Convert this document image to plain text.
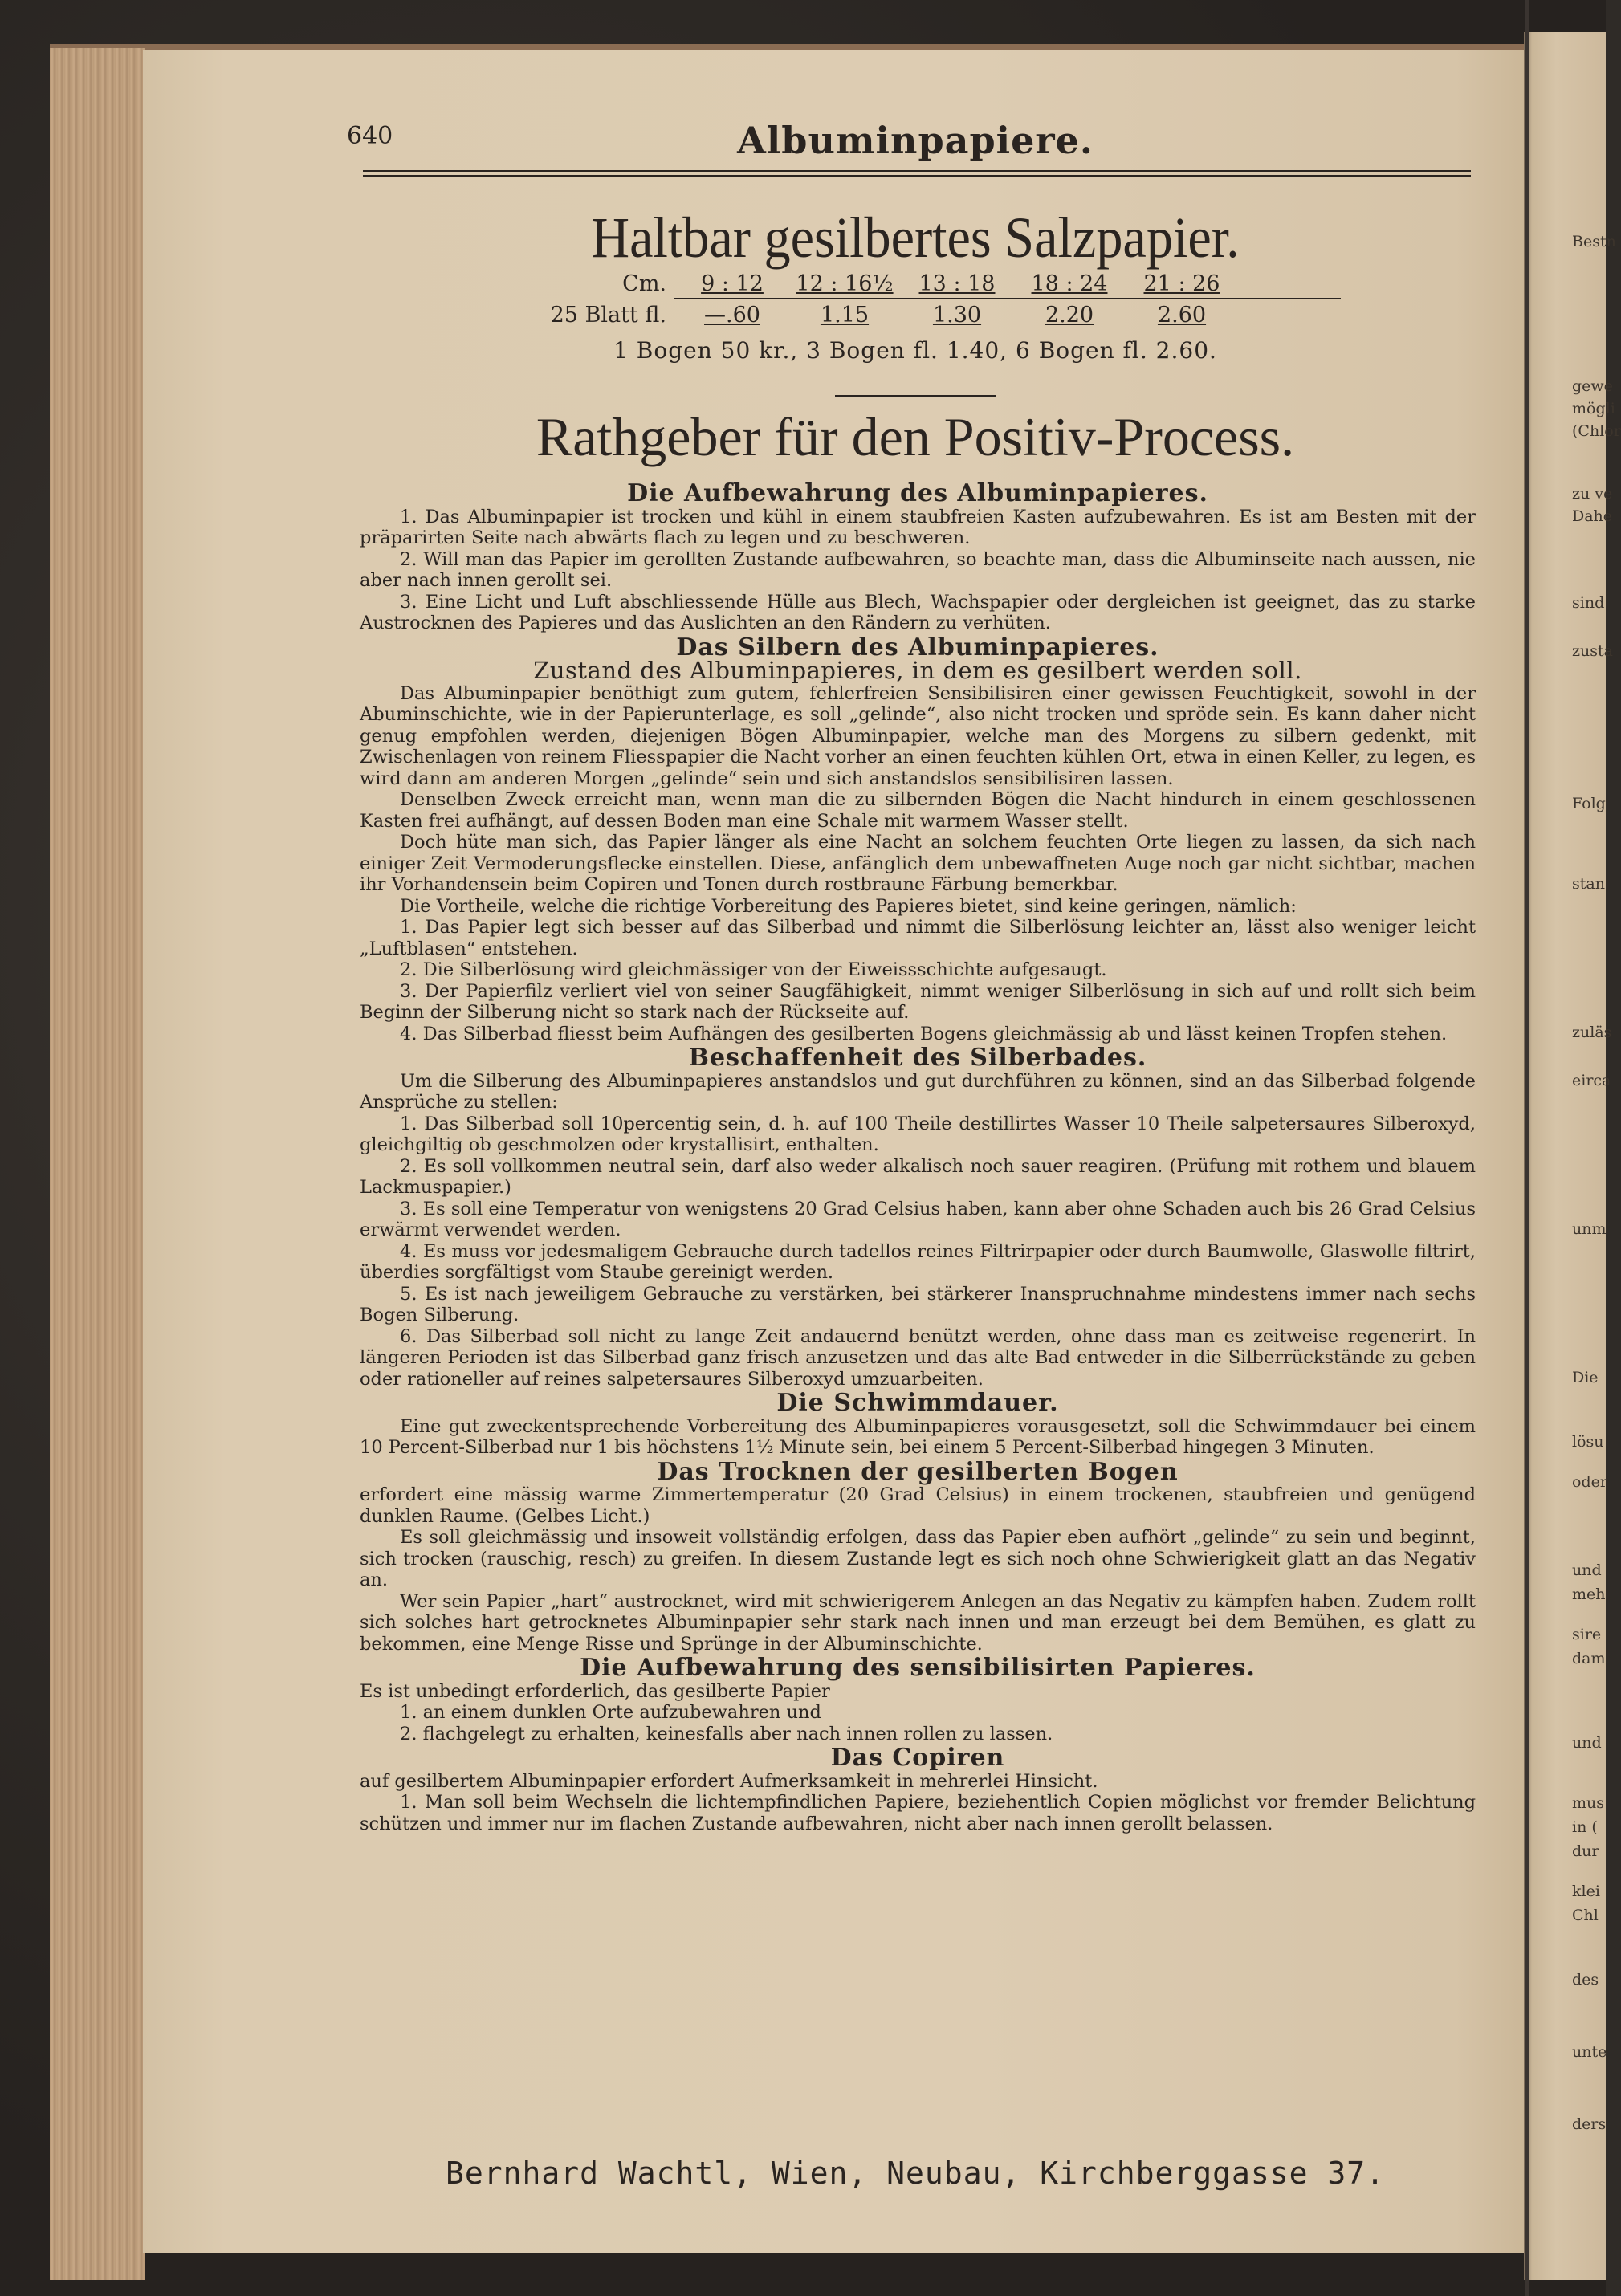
Bestn
gewe
mögli
(Chlor
zu ve
Dahe
sind
zusta
Folg
stan
zuläs
eirca
unm
Die
lösu
oder
und
meh
sire
dam
und
mus
in (
dur
klei
Chl
des
unte
ders
640	Albuminpapiere.
Haltbar gesilbertes Salzpapier.
Cm.	9 : 12	12 : 16½	13 : 18	18 : 24	21 : 26
25 Blatt fl.	—.60	1.15	1.30	2.20	2.60
1 Bogen 50 kr., 3 Bogen fl. 1.40, 6 Bogen fl. 2.60.
Rathgeber für den Positiv-Process.
Die Aufbewahrung des Albuminpapieres.

1. Das Albuminpapier ist trocken und kühl in einem staubfreien Kasten aufzubewahren. Es ist am Besten mit der präparirten Seite nach abwärts flach zu legen und zu beschweren.

2. Will man das Papier im gerollten Zustande aufbewahren, so beachte man, dass die Albuminseite nach aussen, nie aber nach innen gerollt sei.

3. Eine Licht und Luft abschliessende Hülle aus Blech, Wachspapier oder dergleichen ist geeignet, das zu starke Austrocknen des Papieres und das Auslichten an den Rändern zu verhüten.

Das Silbern des Albuminpapieres.
Zustand des Albuminpapieres, in dem es gesilbert werden soll.

Das Albuminpapier benöthigt zum gutem, fehlerfreien Sensibilisiren einer gewissen Feuchtigkeit, sowohl in der Abuminschichte, wie in der Papierunterlage, es soll „gelinde“, also nicht trocken und spröde sein. Es kann daher nicht genug empfohlen werden, diejenigen Bögen Albuminpapier, welche man des Morgens zu silbern gedenkt, mit Zwischenlagen von reinem Fliesspapier die Nacht vorher an einen feuchten kühlen Ort, etwa in einen Keller, zu legen, es wird dann am anderen Morgen „gelinde“ sein und sich anstandslos sensibilisiren lassen.

Denselben Zweck erreicht man, wenn man die zu silbernden Bögen die Nacht hindurch in einem geschlossenen Kasten frei aufhängt, auf dessen Boden man eine Schale mit warmem Wasser stellt.

Doch hüte man sich, das Papier länger als eine Nacht an solchem feuchten Orte liegen zu lassen, da sich nach einiger Zeit Vermoderungsflecke einstellen. Diese, anfänglich dem unbewaffneten Auge noch gar nicht sichtbar, machen ihr Vorhandensein beim Copiren und Tonen durch rostbraune Färbung bemerkbar.

Die Vortheile, welche die richtige Vorbereitung des Papieres bietet, sind keine geringen, nämlich:

1. Das Papier legt sich besser auf das Silberbad und nimmt die Silberlösung leichter an, lässt also weniger leicht „Luftblasen“ entstehen.

2. Die Silberlösung wird gleichmässiger von der Eiweissschichte aufgesaugt.

3. Der Papierfilz verliert viel von seiner Saugfähigkeit, nimmt weniger Silberlösung in sich auf und rollt sich beim Beginn der Silberung nicht so stark nach der Rückseite auf.

4. Das Silberbad fliesst beim Aufhängen des gesilberten Bogens gleichmässig ab und lässt keinen Tropfen stehen.

Beschaffenheit des Silberbades.

Um die Silberung des Albuminpapieres anstandslos und gut durchführen zu können, sind an das Silberbad folgende Ansprüche zu stellen:

1. Das Silberbad soll 10percentig sein, d. h. auf 100 Theile destillirtes Wasser 10 Theile salpetersaures Silberoxyd, gleichgiltig ob geschmolzen oder krystallisirt, enthalten.

2. Es soll vollkommen neutral sein, darf also weder alkalisch noch sauer reagiren. (Prüfung mit rothem und blauem Lackmuspapier.)

3. Es soll eine Temperatur von wenigstens 20 Grad Celsius haben, kann aber ohne Schaden auch bis 26 Grad Celsius erwärmt verwendet werden.

4. Es muss vor jedesmaligem Gebrauche durch tadellos reines Filtrirpapier oder durch Baumwolle, Glaswolle filtrirt, überdies sorgfältigst vom Staube gereinigt werden.

5. Es ist nach jeweiligem Gebrauche zu verstärken, bei stärkerer Inanspruchnahme mindestens immer nach sechs Bogen Silberung.

6. Das Silberbad soll nicht zu lange Zeit andauernd benützt werden, ohne dass man es zeitweise regenerirt. In längeren Perioden ist das Silberbad ganz frisch anzusetzen und das alte Bad entweder in die Silberrückstände zu geben oder rationeller auf reines salpetersaures Silberoxyd umzuarbeiten.

Die Schwimmdauer.

Eine gut zweckentsprechende Vorbereitung des Albuminpapieres vorausgesetzt, soll die Schwimmdauer bei einem 10 Percent-Silberbad nur 1 bis höchstens 1½ Minute sein, bei einem 5 Percent-Silberbad hingegen 3 Minuten.

Das Trocknen der gesilberten Bogen

erfordert eine mässig warme Zimmertemperatur (20 Grad Celsius) in einem trockenen, staubfreien und genügend dunklen Raume. (Gelbes Licht.)

Es soll gleichmässig und insoweit vollständig erfolgen, dass das Papier eben aufhört „gelinde“ zu sein und beginnt, sich trocken (rauschig, resch) zu greifen. In diesem Zustande legt es sich noch ohne Schwierigkeit glatt an das Negativ an.

Wer sein Papier „hart“ austrocknet, wird mit schwierigerem Anlegen an das Negativ zu kämpfen haben. Zudem rollt sich solches hart getrocknetes Albuminpapier sehr stark nach innen und man erzeugt bei dem Bemühen, es glatt zu bekommen, eine Menge Risse und Sprünge in der Albuminschichte.

Die Aufbewahrung des sensibilisirten Papieres.

Es ist unbedingt erforderlich, das gesilberte Papier

1. an einem dunklen Orte aufzubewahren und

2. flachgelegt zu erhalten, keinesfalls aber nach innen rollen zu lassen.

Das Copiren

auf gesilbertem Albuminpapier erfordert Aufmerksamkeit in mehrerlei Hinsicht.

1. Man soll beim Wechseln die lichtempfindlichen Papiere, beziehentlich Copien möglichst vor fremder Belichtung schützen und immer nur im flachen Zustande aufbewahren, nicht aber nach innen gerollt belassen.

Bernhard Wachtl, Wien, Neubau, Kirchberggasse 37.
